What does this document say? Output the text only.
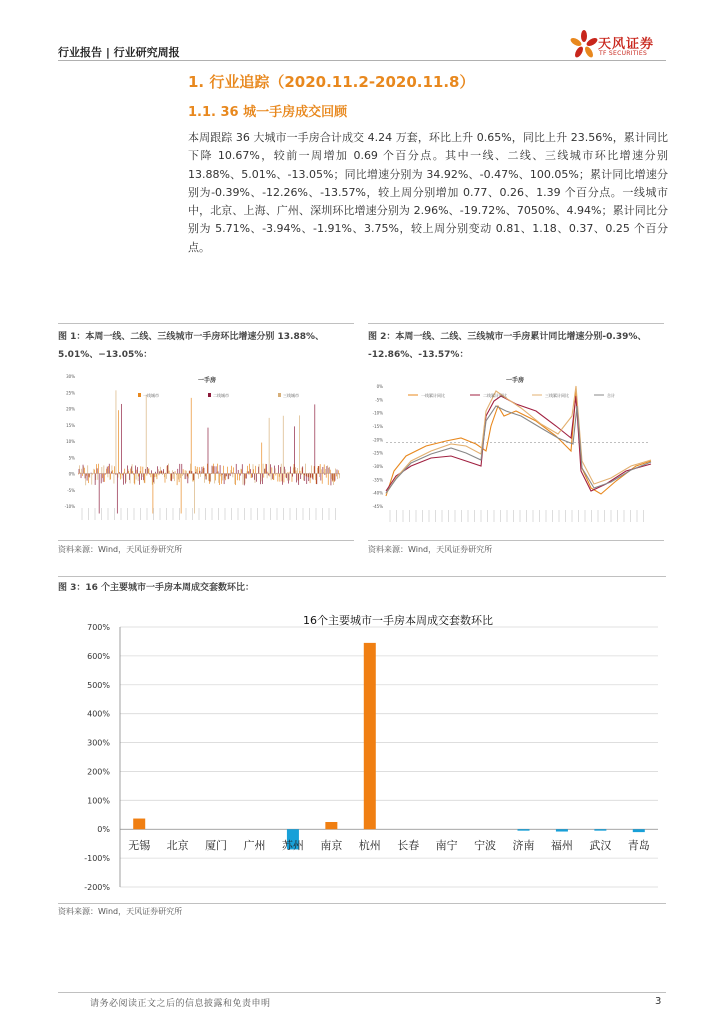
行业报告 | 行业研究周报
天风证券
TF SECURITIES
1. 行业追踪（2020.11.2-2020.11.8）
1.1. 36 城一手房成交回顾
本周跟踪 36 大城市一手房合计成交 4.24 万套，环比上升 0.65%，同比上升 23.56%，累计同比下降 10.67%，较前一周增加 0.69 个百分点。其中一线、二线、三线城市环比增速分别 13.88%、5.01%、-13.05%；同比增速分别为 34.92%、-0.47%、100.05%；累计同比增速分别为-0.39%、-12.26%、-13.57%，较上周分别增加 0.77、0.26、1.39 个百分点。一线城市中，北京、上海、广州、深圳环比增速分别为 2.96%、-19.72%、7050%、4.94%；累计同比分别为 5.71%、-3.94%、-1.91%、3.75%，较上周分别变动 0.81、1.18、0.37、0.25 个百分点。
图 1：本周一线、二线、三线城市一手房环比增速分别 13.88%、
5.01%、−13.05%：
30%
25%
20%
15%
10%
5%
0%
-5%
-10%
一手房
一线城市	二线城市	三线城市
资料来源：Wind，天风证券研究所
图 2：本周一线、二线、三线城市一手房累计同比增速分别-0.39%、
-12.86%、-13.57%：
0%
-5%
-10%
-15%
-20%
-25%
-30%
-35%
-40%
-45%
一手房
一线累计同比	二线累计同比	三线累计同比	合计
资料来源：Wind，天风证券研究所
图 3：16 个主要城市一手房本周成交套数环比：
16个主要城市一手房本周成交套数环比
700%
600%
500%
400%
300%
200%
100%
0%
-100%
-200%
无锡 北京 厦门 广州 苏州 南京 杭州 长春 南宁 宁波 济南 福州 武汉 青岛
资料来源：Wind，天风证券研究所
请务必阅读正文之后的信息披露和免责申明	3
